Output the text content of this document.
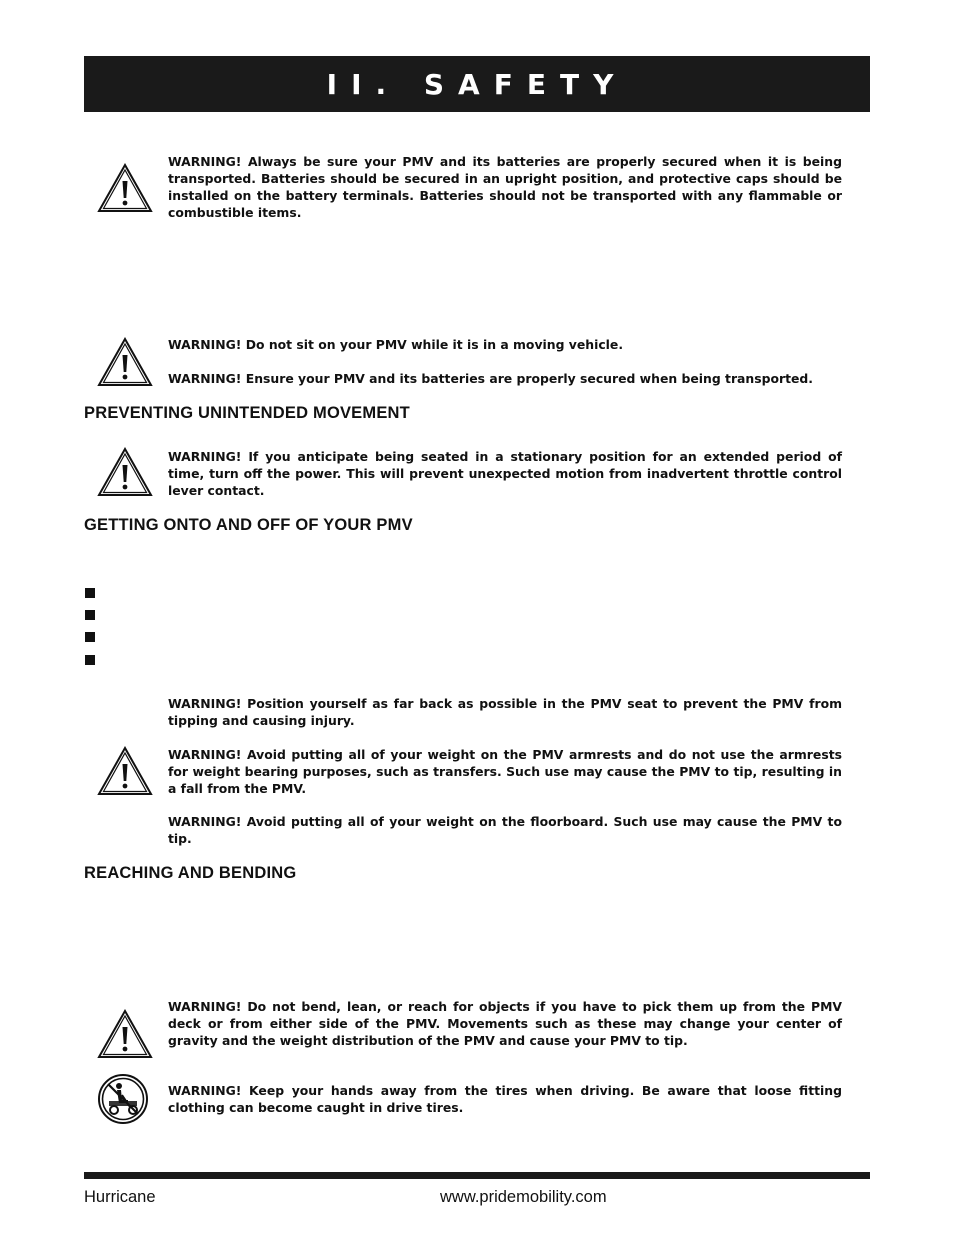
II. SAFETY

WARNING! Always be sure your PMV and its batteries are properly secured when it is being transported. Batteries should be secured in an upright position, and protective caps should be installed on the battery terminals. Batteries should not be transported with any flammable or combustible items.

WARNING! Do not sit on your PMV while it is in a moving vehicle.

WARNING! Ensure your PMV and its batteries are properly secured when being transported.

PREVENTING UNINTENDED MOVEMENT

WARNING! If you anticipate being seated in a stationary position for an extended period of time, turn off the power. This will prevent unexpected motion from inadvertent throttle control lever contact.

GETTING ONTO AND OFF OF YOUR PMV

WARNING! Position yourself as far back as possible in the PMV seat to prevent the PMV from tipping and causing injury.

WARNING! Avoid putting all of your weight on the PMV armrests and do not use the armrests for weight bearing purposes, such as transfers. Such use may cause the PMV to tip, resulting in a fall from the PMV.

WARNING! Avoid putting all of your weight on the floorboard. Such use may cause the PMV to tip.

REACHING AND BENDING

WARNING! Do not bend, lean, or reach for objects if you have to pick them up from the PMV deck or from either side of the PMV. Movements such as these may change your center of gravity and the weight distribution of the PMV and cause your PMV to tip.

WARNING! Keep your hands away from the tires when driving. Be aware that loose fitting clothing can become caught in drive tires.

Hurricane	www.pridemobility.com
